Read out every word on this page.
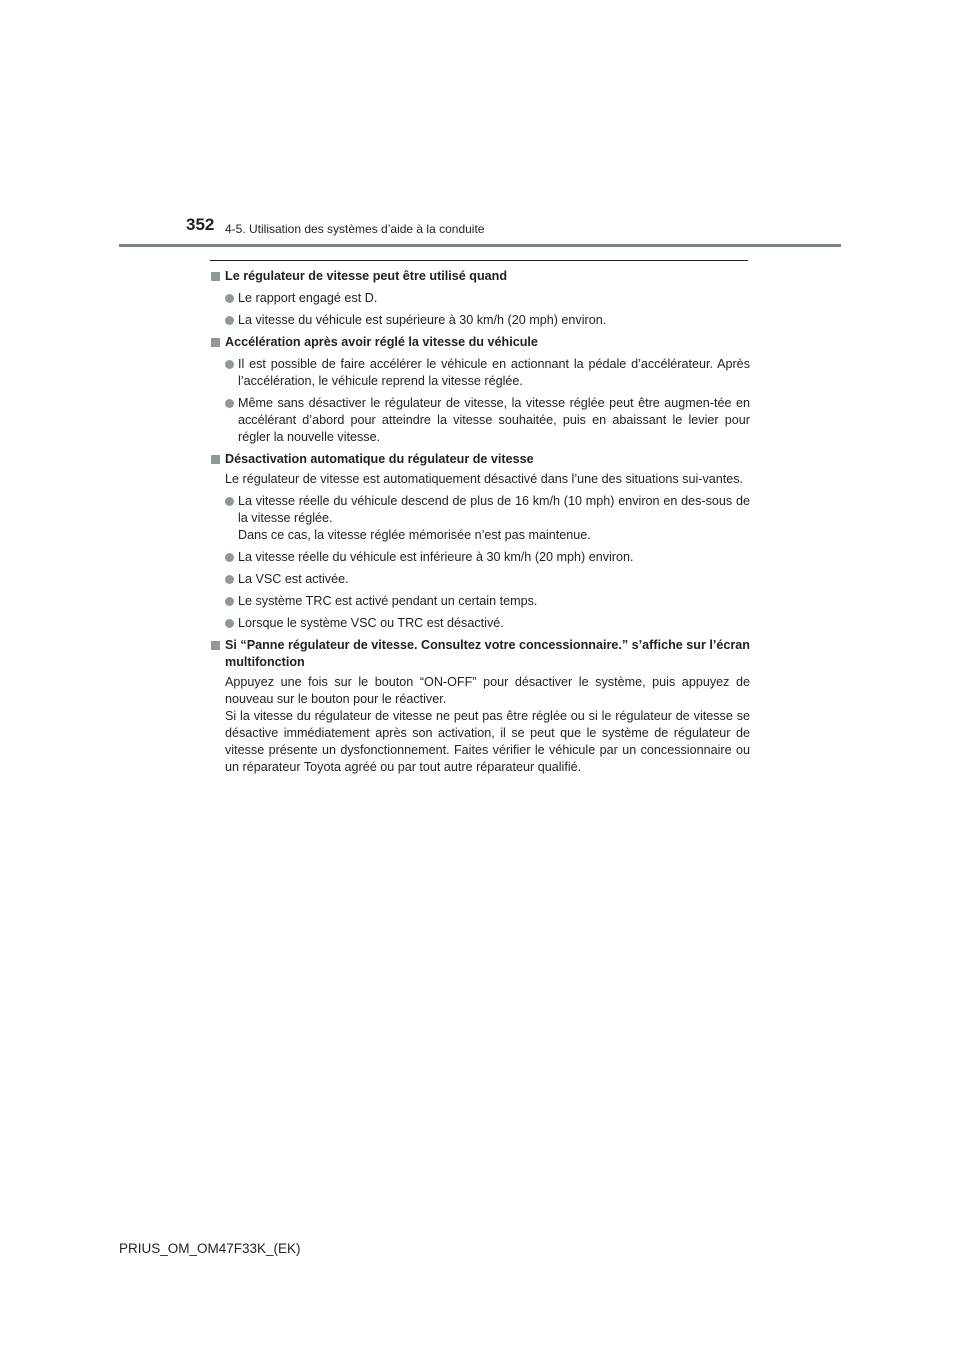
352 4-5. Utilisation des systèmes d’aide à la conduite
Le régulateur de vitesse peut être utilisé quand
Le rapport engagé est D.
La vitesse du véhicule est supérieure à 30 km/h (20 mph) environ.
Accélération après avoir réglé la vitesse du véhicule
Il est possible de faire accélérer le véhicule en actionnant la pédale d’accélérateur. Après l’accélération, le véhicule reprend la vitesse réglée.
Même sans désactiver le régulateur de vitesse, la vitesse réglée peut être augmen-tée en accélérant d’abord pour atteindre la vitesse souhaitée, puis en abaissant le levier pour régler la nouvelle vitesse.
Désactivation automatique du régulateur de vitesse
Le régulateur de vitesse est automatiquement désactivé dans l’une des situations sui-vantes.
La vitesse réelle du véhicule descend de plus de 16 km/h (10 mph) environ en des-sous de la vitesse réglée.
Dans ce cas, la vitesse réglée mémorisée n’est pas maintenue.
La vitesse réelle du véhicule est inférieure à 30 km/h (20 mph) environ.
La VSC est activée.
Le système TRC est activé pendant un certain temps.
Lorsque le système VSC ou TRC est désactivé.
Si “Panne régulateur de vitesse. Consultez votre concessionnaire.” s’affiche sur l’écran multifonction
Appuyez une fois sur le bouton “ON-OFF” pour désactiver le système, puis appuyez de nouveau sur le bouton pour le réactiver.
Si la vitesse du régulateur de vitesse ne peut pas être réglée ou si le régulateur de vitesse se désactive immédiatement après son activation, il se peut que le système de régulateur de vitesse présente un dysfonctionnement. Faites vérifier le véhicule par un concessionnaire ou un réparateur Toyota agréé ou par tout autre réparateur qualifié.
PRIUS_OM_OM47F33K_(EK)
